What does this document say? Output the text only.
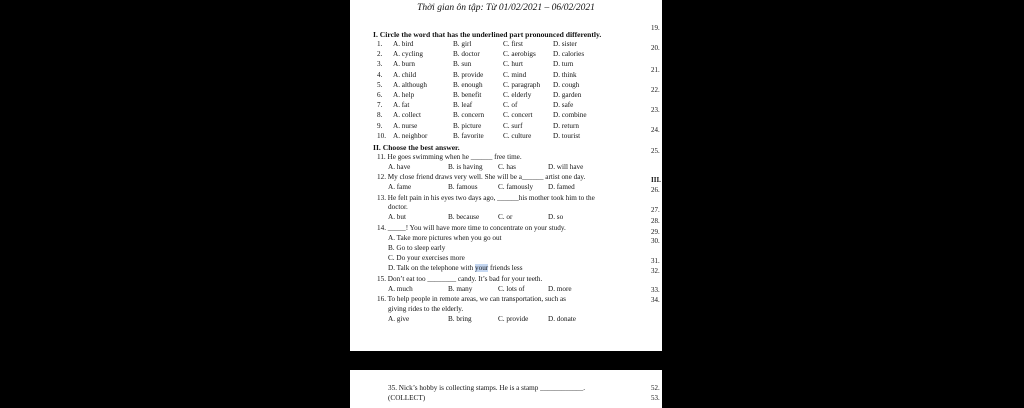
Thời gian ôn tập: Từ 01/02/2021 – 06/02/2021
I. Circle the word that has the underlined part pronounced differently.
1.A. bird	B. girl	C. first	D. sister
2.A. cycling	B. doctor	C. aerobigs D. calories
3.A. burn	B. sun	C. hurt	D. turn
4.A. child	B. provide	C. mind	D. think
5.A. although	B. enough	C. paragraph D. cough
6.A. help	B. benefit	C. elderly	D. garden
7.A. fat	B. leaf	C. of	D. safe
8.A. collect	B. concern	C. concert	D. combine
9.A. nurse	B. picture	C. surf	D. return
10.A. neighbor	B. favorite	C. culture	D. tourist
II. Choose the best answer.
11. He goes swimming when he ______ free time.
A. have	B. is having C. has	D. will have
12. My close friend draws very well. She will be a______ artist one day.
A. fame	B. famous	C. famously D. famed
13. He felt pain in his eyes two days ago, ______his mother took him to the
doctor.
A. but	B. because	C. or	D. so
14. _____! You will have more time to concentrate on your study.
A. Take more pictures when you go out
B. Go to sleep early
C. Do your exercises more
D. Talk on the telephone with your friends less
15. Don’t eat too ________ candy. It’s bad for your teeth.
A. much	B. many	C. lots of	D. more
16. To help people in remote areas, we can transportation, such as
giving rides to the elderly.
A. give	B. bring	C. provide	D. donate
19.
20.
21.
22.
23.
24.
25.
III.
26.
27.
28.
29.
30.
31.
32.
33.
34.
35. Nick’s hobby is collecting stamps. He is a stamp ____________.
(COLLECT)
52.
53.
